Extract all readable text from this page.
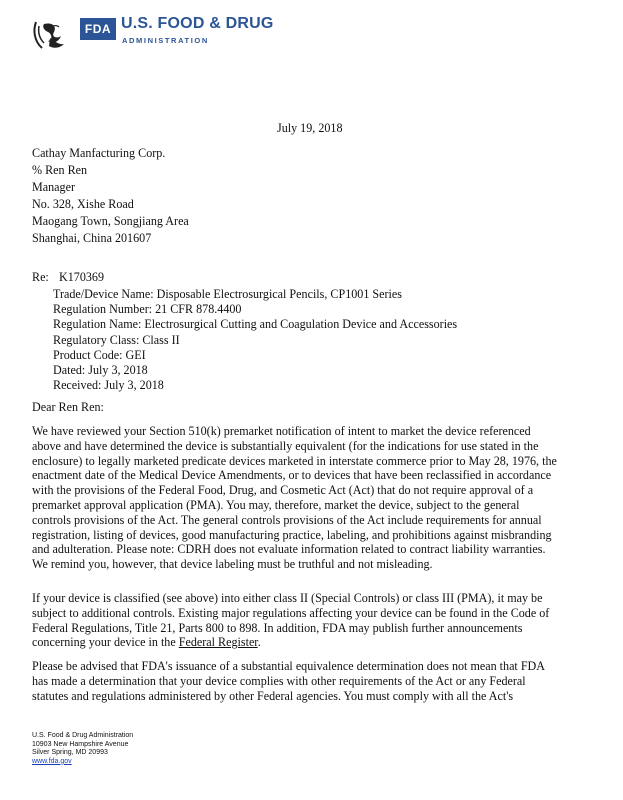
FDA U.S. FOOD & DRUG
ADMINISTRATION
July 19, 2018
Cathay Manfacturing Corp.
% Ren Ren
Manager
No. 328, Xishe Road
Maogang Town, Songjiang Area
Shanghai, China 201607
Re: K170369
Trade/Device Name: Disposable Electrosurgical Pencils, CP1001 Series
Regulation Number: 21 CFR 878.4400
Regulation Name: Electrosurgical Cutting and Coagulation Device and Accessories
Regulatory Class: Class II
Product Code: GEI
Dated: July 3, 2018
Received: July 3, 2018
Dear Ren Ren:
We have reviewed your Section 510(k) premarket notification of intent to market the device referenced
above and have determined the device is substantially equivalent (for the indications for use stated in the
enclosure) to legally marketed predicate devices marketed in interstate commerce prior to May 28, 1976, the
enactment date of the Medical Device Amendments, or to devices that have been reclassified in accordance
with the provisions of the Federal Food, Drug, and Cosmetic Act (Act) that do not require approval of a
premarket approval application (PMA). You may, therefore, market the device, subject to the general
controls provisions of the Act. The general controls provisions of the Act include requirements for annual
registration, listing of devices, good manufacturing practice, labeling, and prohibitions against misbranding
and adulteration. Please note: CDRH does not evaluate information related to contract liability warranties.
We remind you, however, that device labeling must be truthful and not misleading.
If your device is classified (see above) into either class II (Special Controls) or class III (PMA), it may be
subject to additional controls. Existing major regulations affecting your device can be found in the Code of
Federal Regulations, Title 21, Parts 800 to 898. In addition, FDA may publish further announcements
concerning your device in the Federal Register.
Please be advised that FDA's issuance of a substantial equivalence determination does not mean that FDA
has made a determination that your device complies with other requirements of the Act or any Federal
statutes and regulations administered by other Federal agencies. You must comply with all the Act's
U.S. Food & Drug Administration
10903 New Hampshire Avenue
Silver Spring, MD 20993
www.fda.gov
